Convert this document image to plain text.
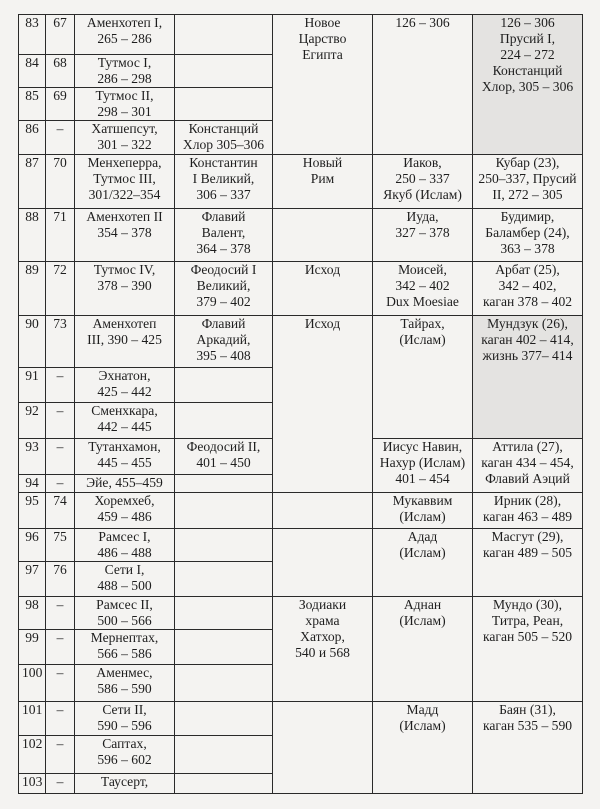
83	67	Аменхотеп I,
265 – 286		Новое
Царство
Египта	126 – 306	126 – 306
Прусий I,
224 – 272
Констанций
Хлор, 305 – 306

84	68	Тутмос I,
286 – 298				

85	69	Тутмос II,
298 – 301				

86	–	Хатшепсут,
301 – 322	Констанций
Хлор 305–306			

87	70	Менхеперра,
Тутмос III,
301/322–354	Константин
I Великий,
306 – 337	Новый
Рим	Иаков,
250 – 337
Якуб (Ислам)	Кубар (23),
250–337, Прусий
II, 272 – 305

88	71	Аменхотеп II
354 – 378	Флавий
Валент,
364 – 378		Иуда,
327 – 378	Будимир,
Баламбер (24),
363 – 378

89	72	Тутмос IV,
378 – 390	Феодосий I
Великий,
379 – 402	Исход	Моисей,
342 – 402
Dux Moesiae	Арбат (25),
342 – 402,
каган 378 – 402

90	73	Аменхотеп
III, 390 – 425	Флавий
Аркадий,
395 – 408	Исход	Тайрах,
(Ислам)	Мундзук (26),
каган 402 – 414,
жизнь 377– 414

91	–	Эхнатон,
425 – 442				

92	–	Сменхкара,
442 – 445				

93	–	Тутанхамон,
445 – 455	Феодосий II,
401 – 450		Иисус Навин,
Нахур (Ислам)
401 – 454	Аттила (27),
каган 434 – 454,
Флавий Аэций

94	–	Эйе, 455–459				

95	74	Хоремхеб,
459 – 486			Мукаввим
(Ислам)	Ирник (28),
каган 463 – 489

96	75	Рамсес I,
486 – 488			Адад
(Ислам)	Масгут (29),
каган 489 – 505

97	76	Сети I,
488 – 500				

98	–	Рамсес II,
500 – 566		Зодиаки
храма
Хатхор,
540 и 568	Аднан
(Ислам)	Мундо (30),
Титра, Реан,
каган 505 – 520

99	–	Мернептах,
566 – 586				

100	–	Аменмес,
586 – 590				

101	–	Сети II,
590 – 596			Мадд
(Ислам)	Баян (31),
каган 535 – 590

102	–	Саптах,
596 – 602				

103	–	Таусерт,				
